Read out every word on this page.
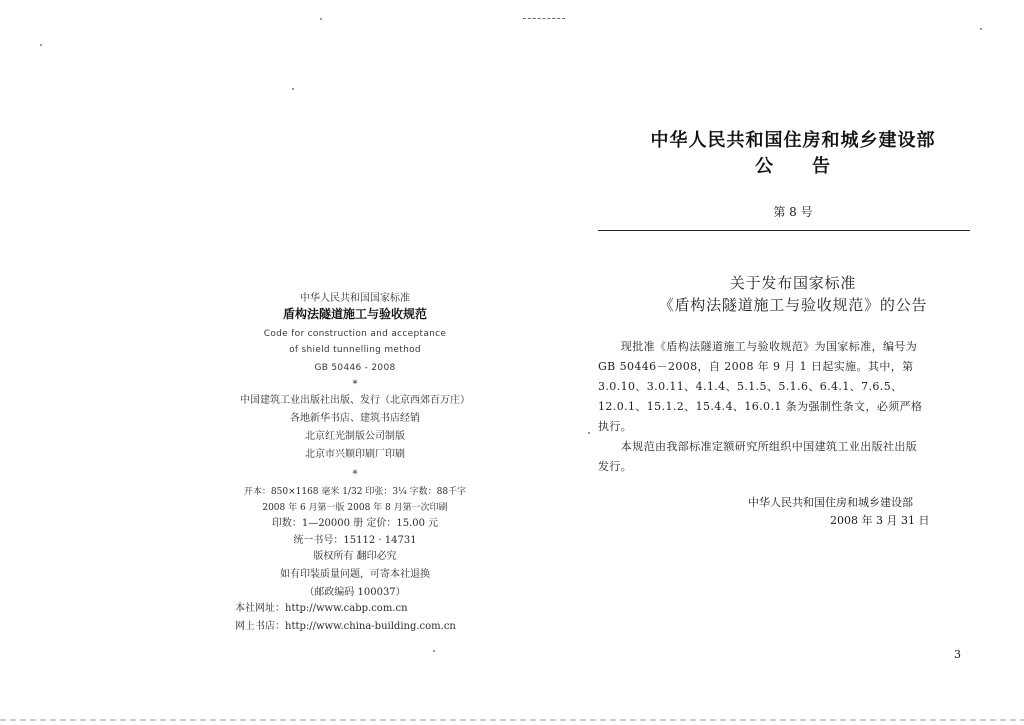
中华人民共和国国家标准
盾构法隧道施工与验收规范
Code for construction and acceptance
of shield tunnelling method
GB 50446 - 2008
*
中国建筑工业出版社出版、发行（北京西郊百万庄）
各地新华书店、建筑书店经销
北京红光制版公司制版
北京市兴顺印刷厂印刷
*
开本：850×1168 毫米 1/32 印张：3¼ 字数：88千字
2008 年 6 月第一版 2008 年 8 月第一次印刷
印数：1—20000 册 定价：15.00 元
统一书号：15112 · 14731
版权所有 翻印必究
如有印装质量问题，可寄本社退换
（邮政编码 100037）
本社网址：http://www.cabp.com.cn
网上书店：http://www.china-building.com.cn
中华人民共和国住房和城乡建设部
公　　告
第 8 号
关于发布国家标准
《盾构法隧道施工与验收规范》的公告
　　现批准《盾构法隧道施工与验收规范》为国家标准，编号为
GB 50446－2008，自 2008 年 9 月 1 日起实施。其中，第
3.0.10、3.0.11、4.1.4、5.1.5、5.1.6、6.4.1、7.6.5、
12.0.1、15.1.2、15.4.4、16.0.1 条为强制性条文，必须严格
执行。
　　本规范由我部标准定额研究所组织中国建筑工业出版社出版
发行。
中华人民共和国住房和城乡建设部
2008 年 3 月 31 日
3
